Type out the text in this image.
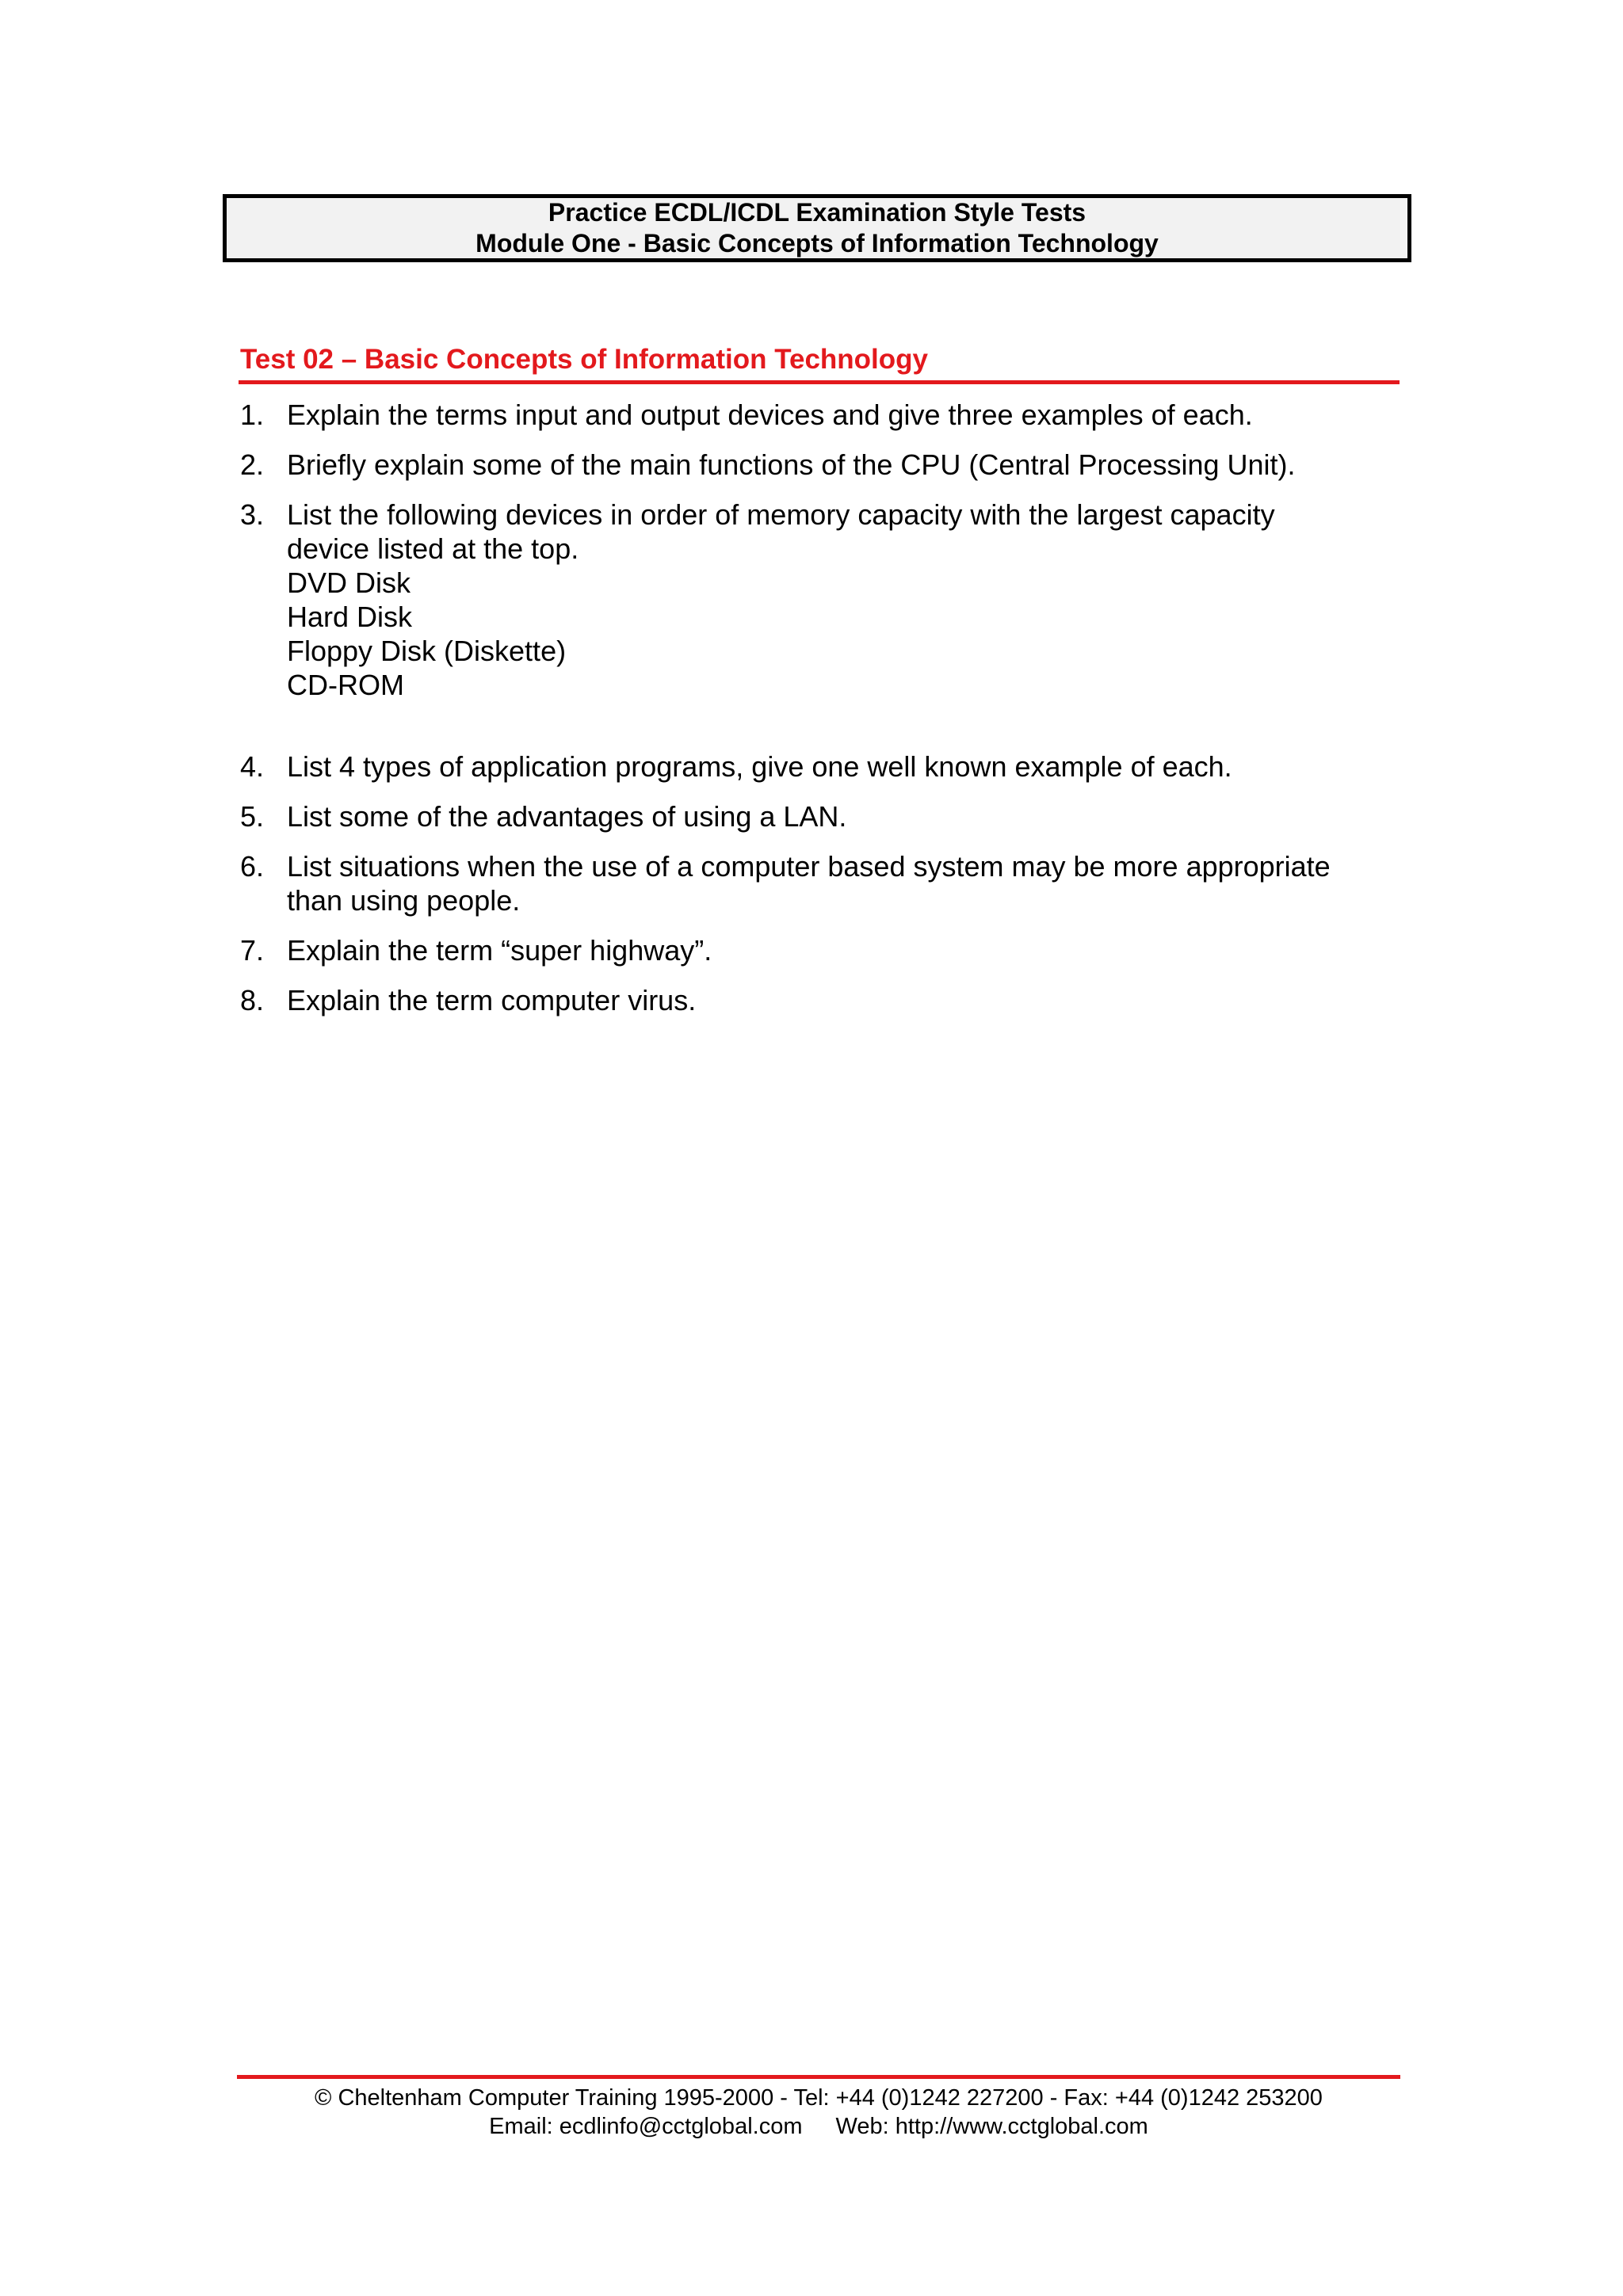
Practice ECDL/ICDL Examination Style Tests
Module One - Basic Concepts of Information Technology
Test 02 – Basic Concepts of Information Technology
1. Explain the terms input and output devices and give three examples of each.
2. Briefly explain some of the main functions of the CPU (Central Processing Unit).
3. List the following devices in order of memory capacity with the largest capacity
device listed at the top.
DVD Disk
Hard Disk
Floppy Disk (Diskette)
CD-ROM
4. List 4 types of application programs, give one well known example of each.
5. List some of the advantages of using a LAN.
6. List situations when the use of a computer based system may be more appropriate
than using people.
7. Explain the term “super highway”.
8. Explain the term computer virus.
© Cheltenham Computer Training 1995-2000 - Tel: +44 (0)1242 227200 - Fax: +44 (0)1242 253200
Email: ecdlinfo@cctglobal.com Web: http://www.cctglobal.com
